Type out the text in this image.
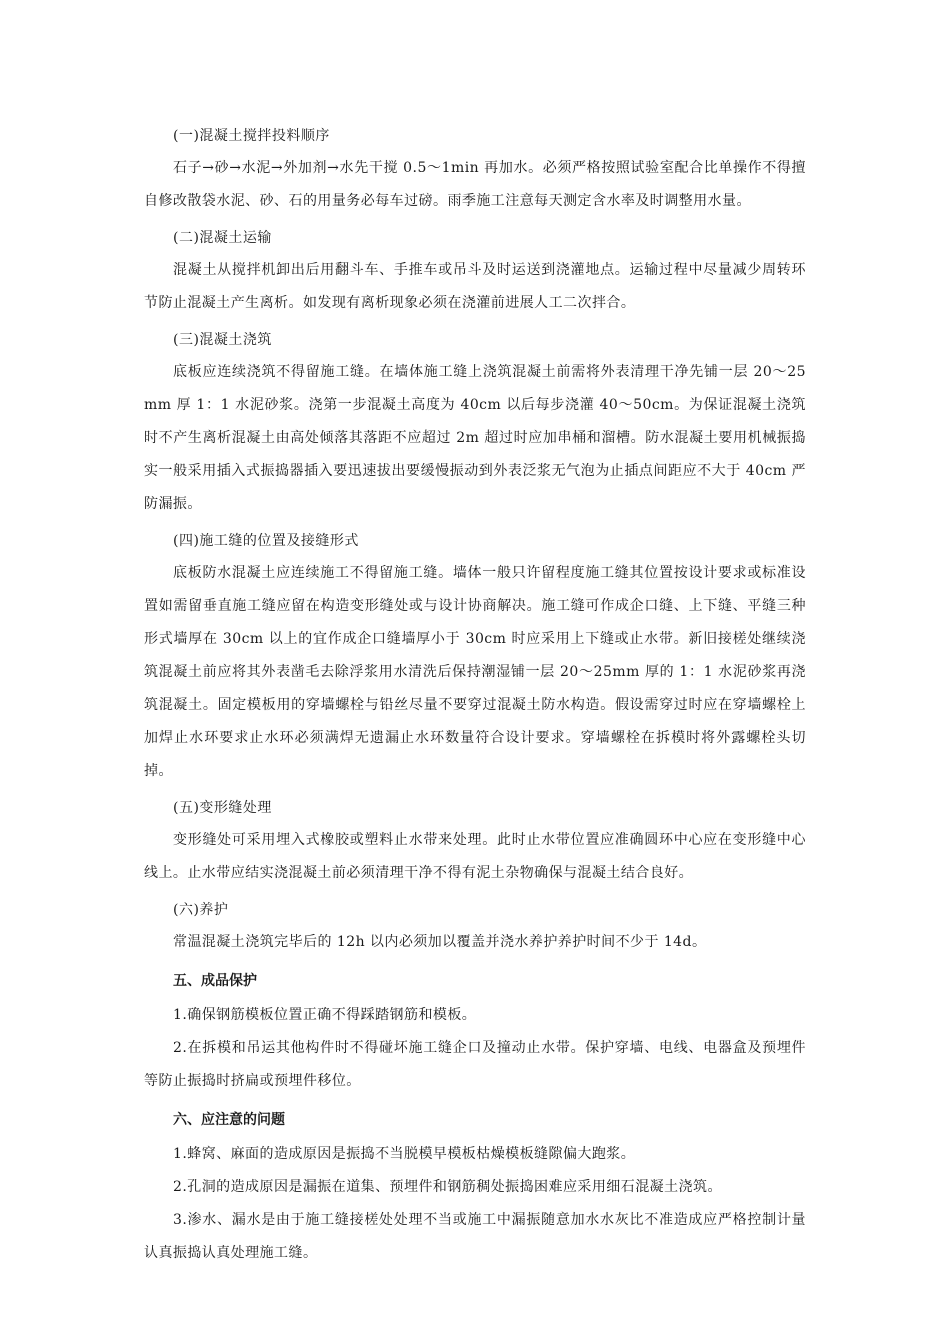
(一)混凝土搅拌投料顺序
石子→砂→水泥→外加剂→水先干搅 0.5～1min 再加水。必须严格按照试验室配合比单操作不得擅自修改散袋水泥、砂、石的用量务必每车过磅。雨季施工注意每天测定含水率及时调整用水量。
(二)混凝土运输
混凝土从搅拌机卸出后用翻斗车、手推车或吊斗及时运送到浇灌地点。运输过程中尽量减少周转环节防止混凝土产生离析。如发现有离析现象必须在浇灌前进展人工二次拌合。
(三)混凝土浇筑
底板应连续浇筑不得留施工缝。在墙体施工缝上浇筑混凝土前需将外表清理干净先铺一层 20～25mm 厚 1：1 水泥砂浆。浇第一步混凝土高度为 40cm 以后每步浇灌 40～50cm。为保证混凝土浇筑时不产生离析混凝土由高处倾落其落距不应超过 2m 超过时应加串桶和溜槽。防水混凝土要用机械振捣实一般采用插入式振捣器插入要迅速拔出要缓慢振动到外表泛浆无气泡为止插点间距应不大于 40cm 严防漏振。
(四)施工缝的位置及接缝形式
底板防水混凝土应连续施工不得留施工缝。墙体一般只许留程度施工缝其位置按设计要求或标准设置如需留垂直施工缝应留在构造变形缝处或与设计协商解决。施工缝可作成企口缝、上下缝、平缝三种形式墙厚在 30cm 以上的宜作成企口缝墙厚小于 30cm 时应采用上下缝或止水带。新旧接槎处继续浇筑混凝土前应将其外表凿毛去除浮浆用水清洗后保持潮湿铺一层 20～25mm 厚的 1：1 水泥砂浆再浇筑混凝土。固定模板用的穿墙螺栓与铅丝尽量不要穿过混凝土防水构造。假设需穿过时应在穿墙螺栓上加焊止水环要求止水环必须满焊无遗漏止水环数量符合设计要求。穿墙螺栓在拆模时将外露螺栓头切掉。
(五)变形缝处理
变形缝处可采用埋入式橡胶或塑料止水带来处理。此时止水带位置应准确圆环中心应在变形缝中心线上。止水带应结实浇混凝土前必须清理干净不得有泥土杂物确保与混凝土结合良好。
(六)养护
常温混凝土浇筑完毕后的 12h 以内必须加以覆盖并浇水养护养护时间不少于 14d。
五、成品保护
1.确保钢筋模板位置正确不得踩踏钢筋和模板。
2.在拆模和吊运其他构件时不得碰坏施工缝企口及撞动止水带。保护穿墙、电线、电器盒及预埋件等防止振捣时挤扁或预埋件移位。
六、应注意的问题
1.蜂窝、麻面的造成原因是振捣不当脱模早模板枯燥模板缝隙偏大跑浆。
2.孔洞的造成原因是漏振在道集、预埋件和钢筋稠处振捣困难应采用细石混凝土浇筑。
3.渗水、漏水是由于施工缝接槎处处理不当或施工中漏振随意加水水灰比不准造成应严格控制计量认真振捣认真处理施工缝。
